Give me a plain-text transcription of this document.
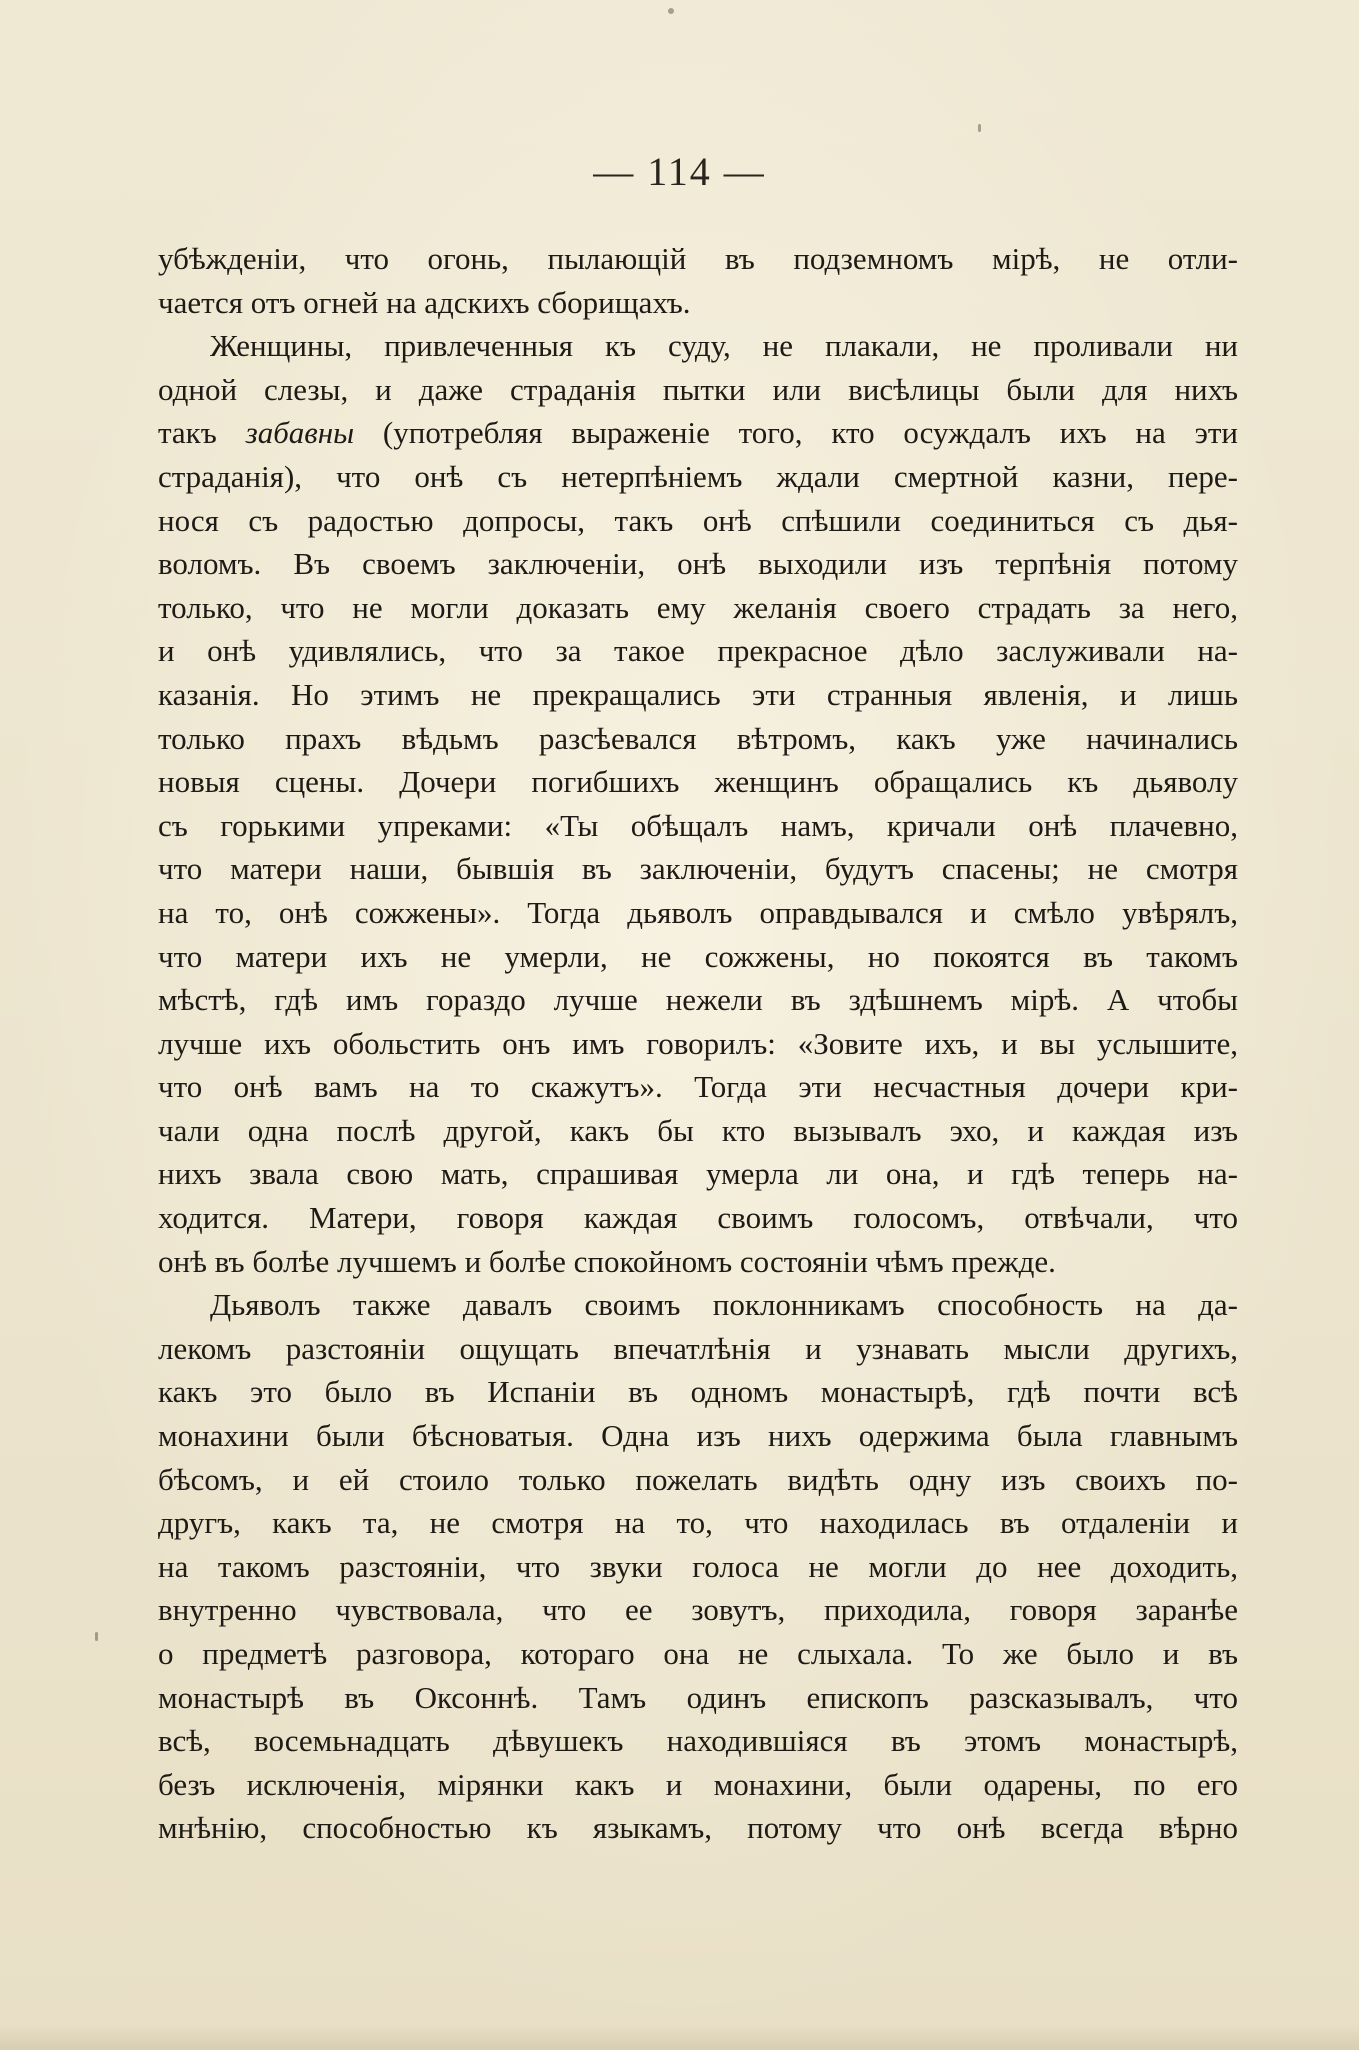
— 114 —
убѣжденіи, что огонь, пылающій въ подземномъ мірѣ, не отли-
чается отъ огней на адскихъ сборищахъ.
Женщины, привлеченныя къ суду, не плакали, не проливали ни
одной слезы, и даже страданія пытки или висѣлицы были для нихъ
такъ забавны (употребляя выраженіе того, кто осуждалъ ихъ на эти
страданія), что онѣ съ нетерпѣніемъ ждали смертной казни, пере-
нося съ радостью допросы, такъ онѣ спѣшили соединиться съ дья-
воломъ. Въ своемъ заключеніи, онѣ выходили изъ терпѣнія потому
только, что не могли доказать ему желанія своего страдать за него,
и онѣ удивлялись, что за такое прекрасное дѣло заслуживали на-
казанія. Но этимъ не прекращались эти странныя явленія, и лишь
только прахъ вѣдьмъ разсѣевался вѣтромъ, какъ уже начинались
новыя сцены. Дочери погибшихъ женщинъ обращались къ дьяволу
съ горькими упреками: «Ты обѣщалъ намъ, кричали онѣ плачевно,
что матери наши, бывшія въ заключеніи, будутъ спасены; не смотря
на то, онѣ сожжены». Тогда дьяволъ оправдывался и смѣло увѣрялъ,
что матери ихъ не умерли, не сожжены, но покоятся въ такомъ
мѣстѣ, гдѣ имъ гораздо лучше нежели въ здѣшнемъ мірѣ. А чтобы
лучше ихъ обольстить онъ имъ говорилъ: «Зовите ихъ, и вы услышите,
что онѣ вамъ на то скажутъ». Тогда эти несчастныя дочери кри-
чали одна послѣ другой, какъ бы кто вызывалъ эхо, и каждая изъ
нихъ звала свою мать, спрашивая умерла ли она, и гдѣ теперь на-
ходится. Матери, говоря каждая своимъ голосомъ, отвѣчали, что
онѣ въ болѣе лучшемъ и болѣе спокойномъ состояніи чѣмъ прежде.
Дьяволъ также давалъ своимъ поклонникамъ способность на да-
лекомъ разстояніи ощущать впечатлѣнія и узнавать мысли другихъ,
какъ это было въ Испаніи въ одномъ монастырѣ, гдѣ почти всѣ
монахини были бѣсноватыя. Одна изъ нихъ одержима была главнымъ
бѣсомъ, и ей стоило только пожелать видѣть одну изъ своихъ по-
другъ, какъ та, не смотря на то, что находилась въ отдаленіи и
на такомъ разстояніи, что звуки голоса не могли до нее доходить,
внутренно чувствовала, что ее зовутъ, приходила, говоря заранѣе
о предметѣ разговора, котораго она не слыхала. То же было и въ
монастырѣ въ Оксоннѣ. Тамъ одинъ епископъ разсказывалъ, что
всѣ, восемьнадцать дѣвушекъ находившіяся въ этомъ монастырѣ,
безъ исключенія, мірянки какъ и монахини, были одарены, по его
мнѣнію, способностью къ языкамъ, потому что онѣ всегда вѣрно
